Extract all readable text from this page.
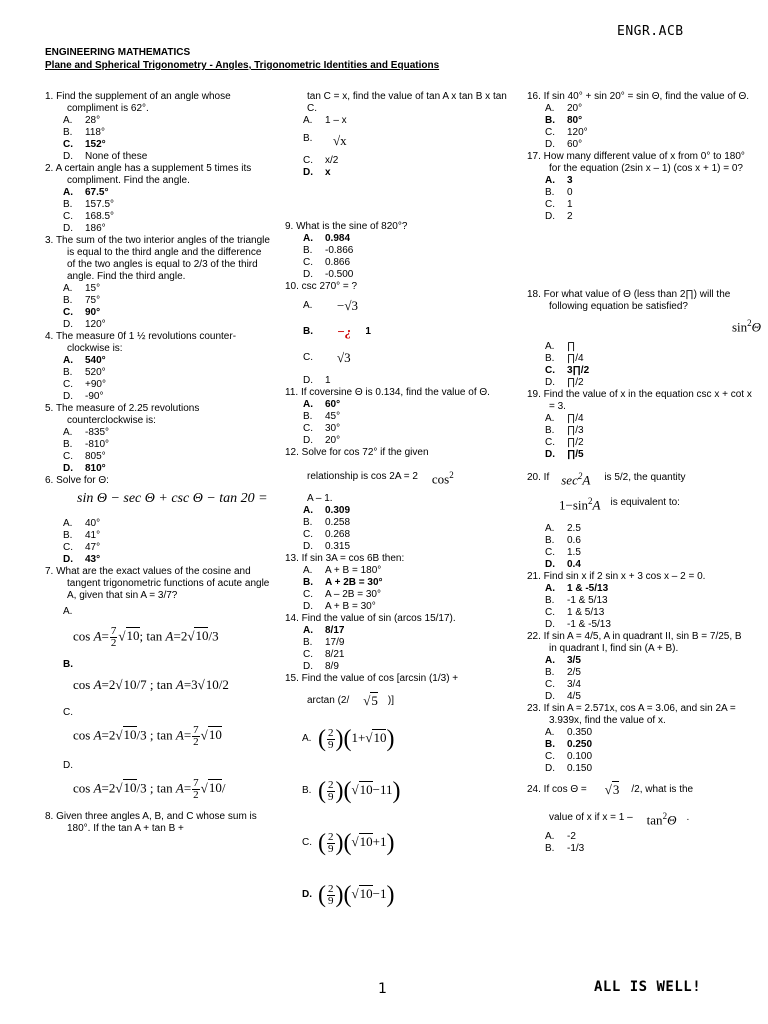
ENGR.ACB
ENGINEERING MATHEMATICS
Plane and Spherical Trigonometry - Angles, Trigonometric Identities and Equations
1. Find the supplement of an angle whose compliment is 62°.
A.	28°
B.	118°
C.	152°
D.	None of these
2. A certain angle has a supplement 5 times its compliment. Find the angle.
A.	67.5°
B.	157.5°
C.	168.5°
D.	186°
3. The sum of the two interior angles of the triangle is equal to the third angle and the difference of the two angles is equal to 2/3 of the third angle. Find the third angle.
A.	15°
B.	75°
C.	90°
D.	120°
4. The measure 0f 1 ½ revolutions counter-clockwise is:
A.	540°
B.	520°
C.	+90°
D.	-90°
5. The measure of 2.25 revolutions counterclockwise is:
A.	-835°
B.	-810°
C.	805°
D.	810°
6. Solve for Θ:
sin Θ − sec Θ + csc Θ − tan 20 =
A.	40°
B.	41°
C.	47°
D.	43°
7. What are the exact values of the cosine and tangent trigonometric functions of acute angle A, given that sin A = 3/7?
A.
$\cos A= \frac{7}{2} √10$; tan A=2√10/3
B.
cos A=2√10/7 ; tan A=3√10/2
C.
cos A=2√10/3 ; $\tan A= \frac{7}{2} √10$
D.
cos A=2√10/3 ; $\tan A= \frac{7}{2} √10/$
8. Given three angles A, B, and C whose sum is 180°. If the tan A + tan B +
tan C = x, find the value of tan A x tan B x tan C.
A.	1 – x
B.	√x
C.	x/2
D.	x
9. What is the sine of 820°?
A.	0.984
B.	-0.866
C.	0.866
D.	-0.500
10. csc 270° = ?
A.	−√3
B.	−¿	1
C.	√3
D.	1
11. If coversine Θ is 0.134, find the value of Θ.
A.	60°
B.	45°
C.	30°
D.	20°
12. Solve for cos 72° if the given
relationship is cos 2A = 2	$\cos^2$
A – 1.
A.	0.309
B.	0.258
C.	0.268
D.	0.315
13. If sin 3A = cos 6B then:
A.	A + B = 180°
B.	A + 2B = 30°
C.	A – 2B = 30°
D.	A + B = 30°
14. Find the value of sin (arcos 15/17).
A.	8/17
B.	17/9
C.	8/21
D.	8/9
15. Find the value of cos [arcsin (1/3) +
arctan (2/	√5	)]
A. ( $\frac{2}{9} )(1+√10)$
B. ( $\frac{2}{9} )(√10-11)$
C. ( $\frac{2}{9} )(√10+1)$
D. ( $\frac{2}{9} )(√10-1)$
16. If sin 40° + sin 20° = sin Θ, find the value of Θ.
A.	20°
B.	80°
C.	120°
D.	60°
17. How many different value of x from 0° to 180° for the equation (2sin x – 1) (cos x + 1) = 0?
A.	3
B.	0
C.	1
D.	2
18. For what value of Θ (less than 2∏) will the following equation be satisfied?
$\sin^2\Theta$
A.	∏
B.	∏/4
C.	3∏/2
D.	∏/2
19. Find the value of x in the equation csc x + cot x = 3.
A.	∏/4
B.	∏/3
C.	∏/2
D.	∏/5
20. If $\sec^2A$	is 5/2, the quantity
$1-\sin^2A$	is equivalent to:
A.	2.5
B.	0.6
C.	1.5
D.	0.4
21. Find sin x if 2 sin x + 3 cos x – 2 = 0.
A.	1 & -5/13
B.	-1 & 5/13
C.	1 & 5/13
D.	-1 & -5/13
22. If sin A = 4/5, A in quadrant II, sin B = 7/25, B in quadrant I, find sin (A + B).
A.	3/5
B.	2/5
C.	3/4
D.	4/5
23. If sin A = 2.571x, cos A = 3.06, and sin 2A = 3.939x, find the value of x.
A.	0.350
B.	0.250
C.	0.100
D.	0.150
24. If cos Θ =	√3	/2, what is the
value of x if x = 1 –	$\tan^2\Theta$	.
A.	-2
B.	-1/3
1	ALL IS WELL!
